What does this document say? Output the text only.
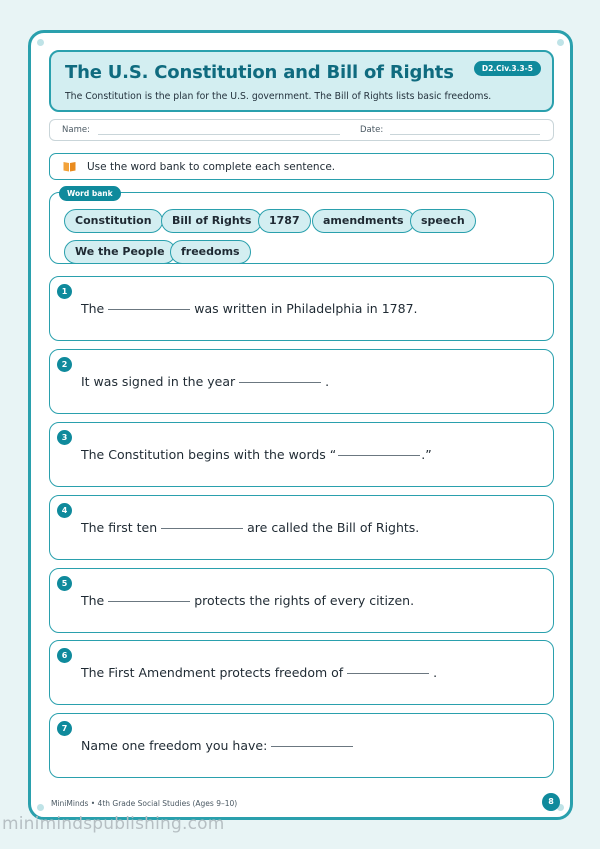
The U.S. Constitution and Bill of Rights
The Constitution is the plan for the U.S. government. The Bill of Rights lists basic freedoms.
D2.Civ.3.3-5
Name:	Date:
Use the word bank to complete each sentence.
Word bank
Constitution	Bill of Rights	1787	amendments	speech
We the People	freedoms
1
The	was written in Philadelphia in 1787.
2
It was signed in the year	.
3
The Constitution begins with the words “	.”
4
The first ten	are called the Bill of Rights.
5
The	protects the rights of every citizen.
6
The First Amendment protects freedom of	.
7
Name one freedom you have:
MiniMinds • 4th Grade Social Studies (Ages 9–10)	8
minimindspublishing.com
